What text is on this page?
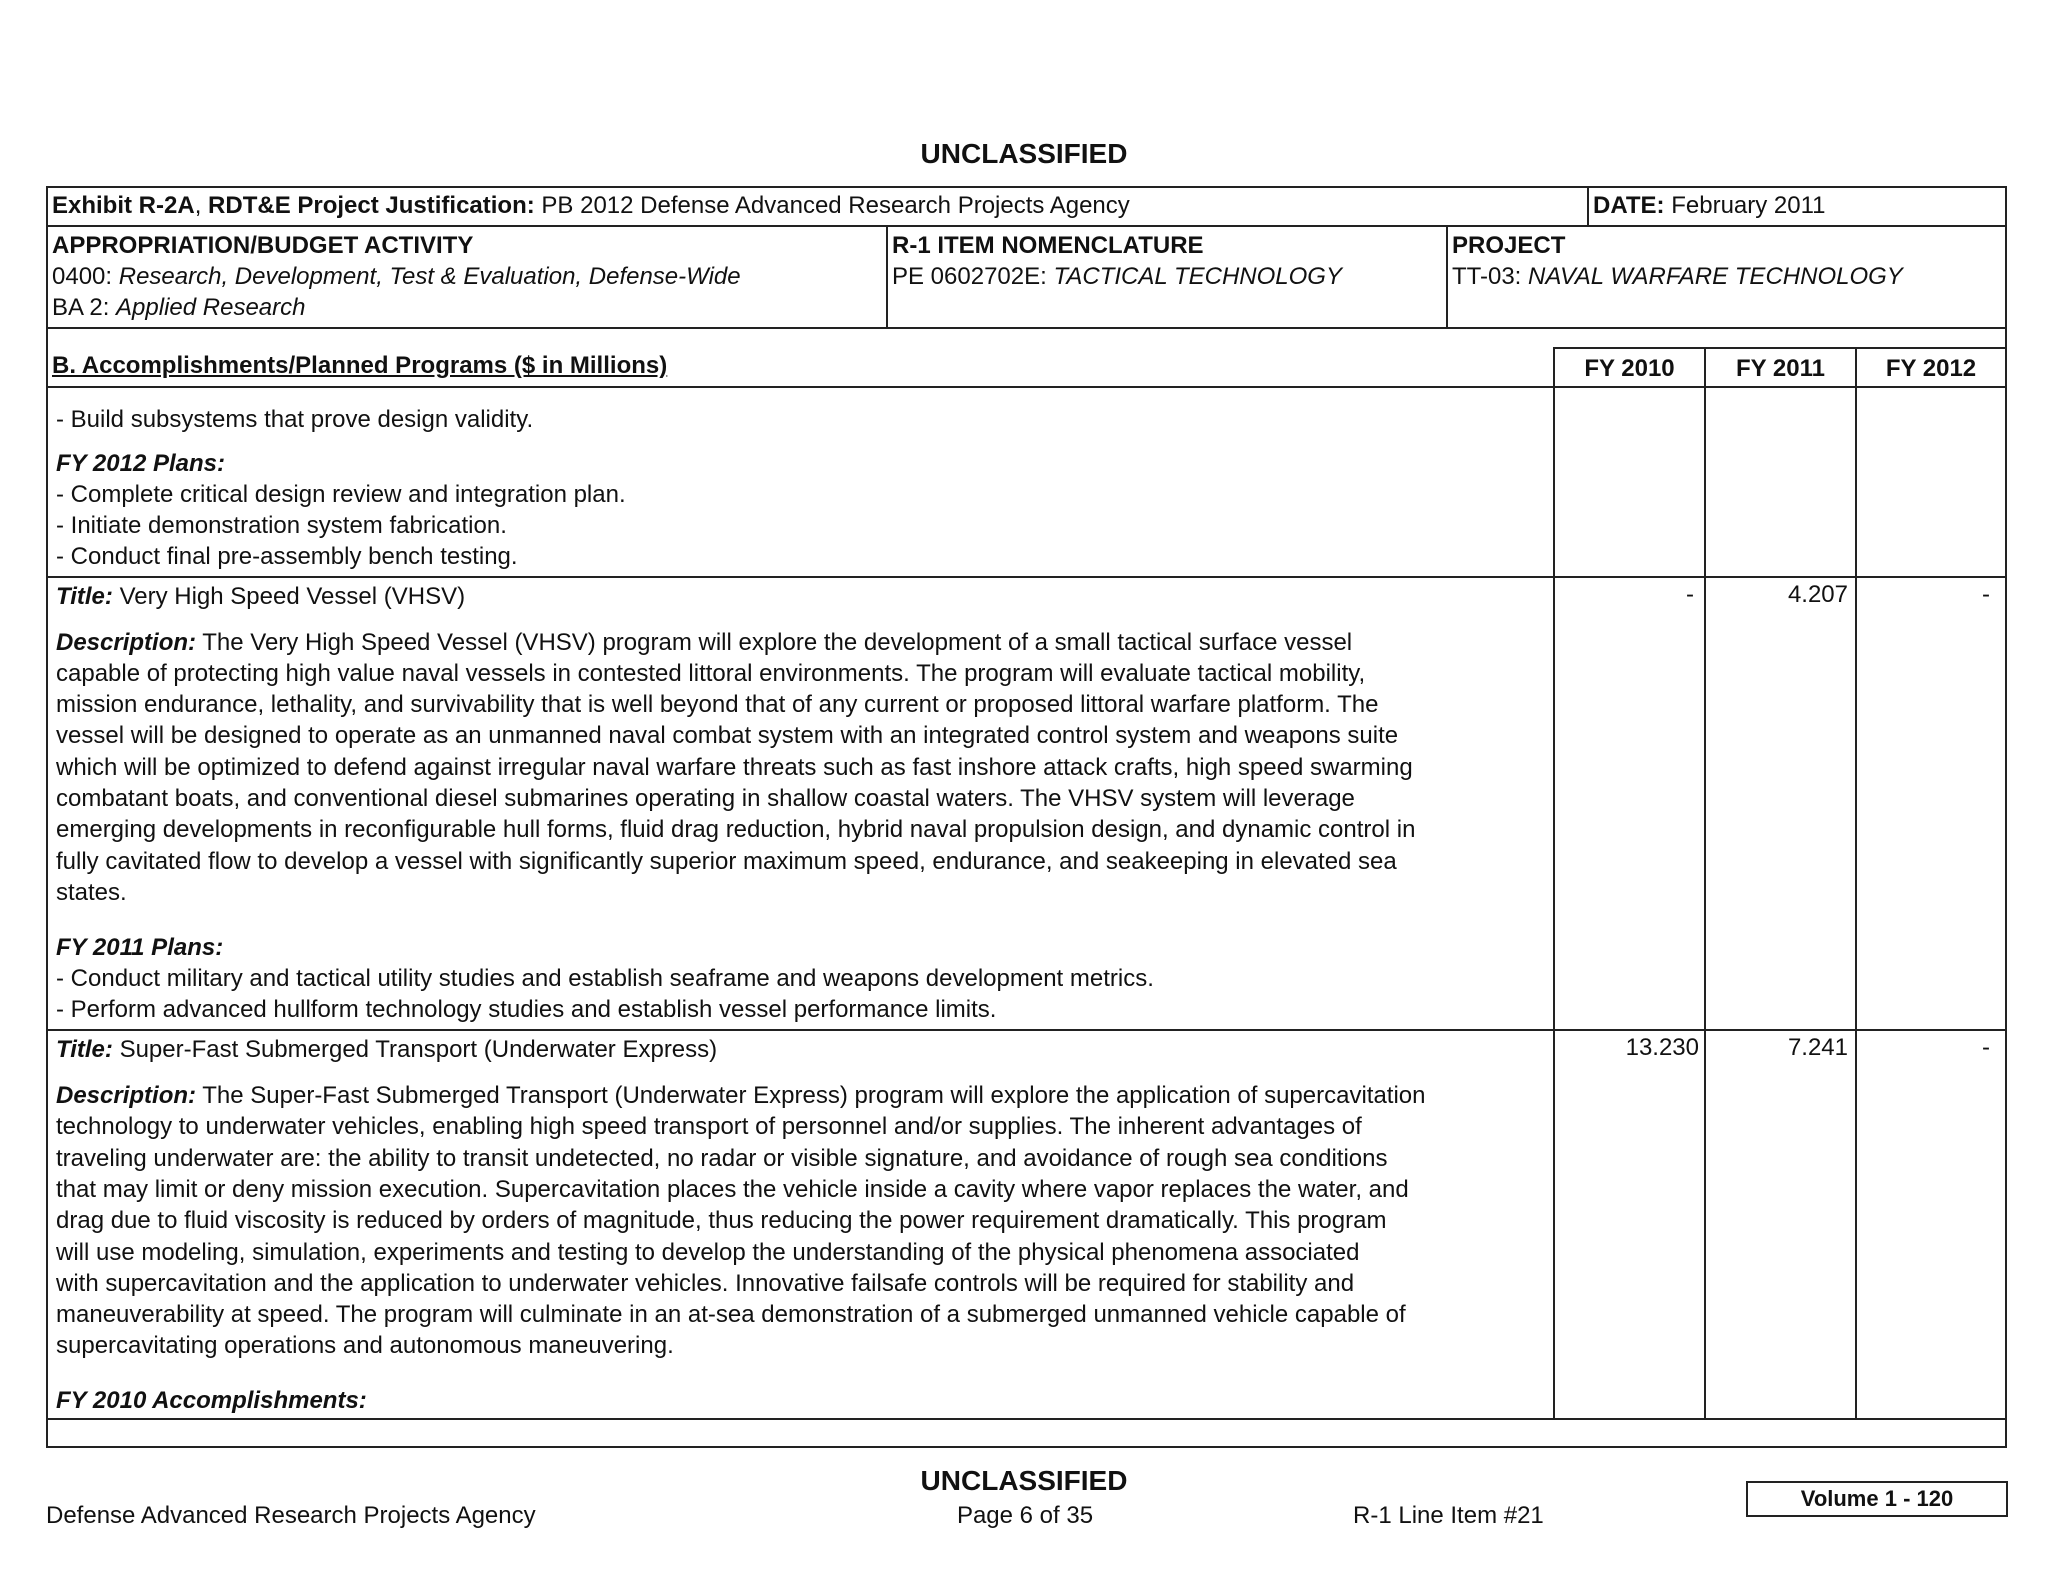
UNCLASSIFIED
Exhibit R-2A, RDT&E Project Justification: PB 2012 Defense Advanced Research Projects Agency	DATE: February 2011
APPROPRIATION/BUDGET ACTIVITY
0400: Research, Development, Test & Evaluation, Defense-Wide
BA 2: Applied Research
R-1 ITEM NOMENCLATURE
PE 0602702E: TACTICAL TECHNOLOGY
PROJECT
TT-03: NAVAL WARFARE TECHNOLOGY
B. Accomplishments/Planned Programs ($ in Millions)	FY 2010	FY 2011	FY 2012
- Build subsystems that prove design validity.
FY 2012 Plans:
- Complete critical design review and integration plan.
- Initiate demonstration system fabrication.
- Conduct final pre-assembly bench testing.
Title: Very High Speed Vessel (VHSV)	-	4.207	-
Description: The Very High Speed Vessel (VHSV) program will explore the development of a small tactical surface vessel
capable of protecting high value naval vessels in contested littoral environments. The program will evaluate tactical mobility,
mission endurance, lethality, and survivability that is well beyond that of any current or proposed littoral warfare platform. The
vessel will be designed to operate as an unmanned naval combat system with an integrated control system and weapons suite
which will be optimized to defend against irregular naval warfare threats such as fast inshore attack crafts, high speed swarming
combatant boats, and conventional diesel submarines operating in shallow coastal waters. The VHSV system will leverage
emerging developments in reconfigurable hull forms, fluid drag reduction, hybrid naval propulsion design, and dynamic control in
fully cavitated flow to develop a vessel with significantly superior maximum speed, endurance, and seakeeping in elevated sea
states.
FY 2011 Plans:
- Conduct military and tactical utility studies and establish seaframe and weapons development metrics.
- Perform advanced hullform technology studies and establish vessel performance limits.
Title: Super-Fast Submerged Transport (Underwater Express)	13.230	7.241	-
Description: The Super-Fast Submerged Transport (Underwater Express) program will explore the application of supercavitation
technology to underwater vehicles, enabling high speed transport of personnel and/or supplies. The inherent advantages of
traveling underwater are: the ability to transit undetected, no radar or visible signature, and avoidance of rough sea conditions
that may limit or deny mission execution. Supercavitation places the vehicle inside a cavity where vapor replaces the water, and
drag due to fluid viscosity is reduced by orders of magnitude, thus reducing the power requirement dramatically. This program
will use modeling, simulation, experiments and testing to develop the understanding of the physical phenomena associated
with supercavitation and the application to underwater vehicles. Innovative failsafe controls will be required for stability and
maneuverability at speed. The program will culminate in an at-sea demonstration of a submerged unmanned vehicle capable of
supercavitating operations and autonomous maneuvering.
FY 2010 Accomplishments:
UNCLASSIFIED
Defense Advanced Research Projects Agency	Page 6 of 35	R-1 Line Item #21
Volume 1 - 120
